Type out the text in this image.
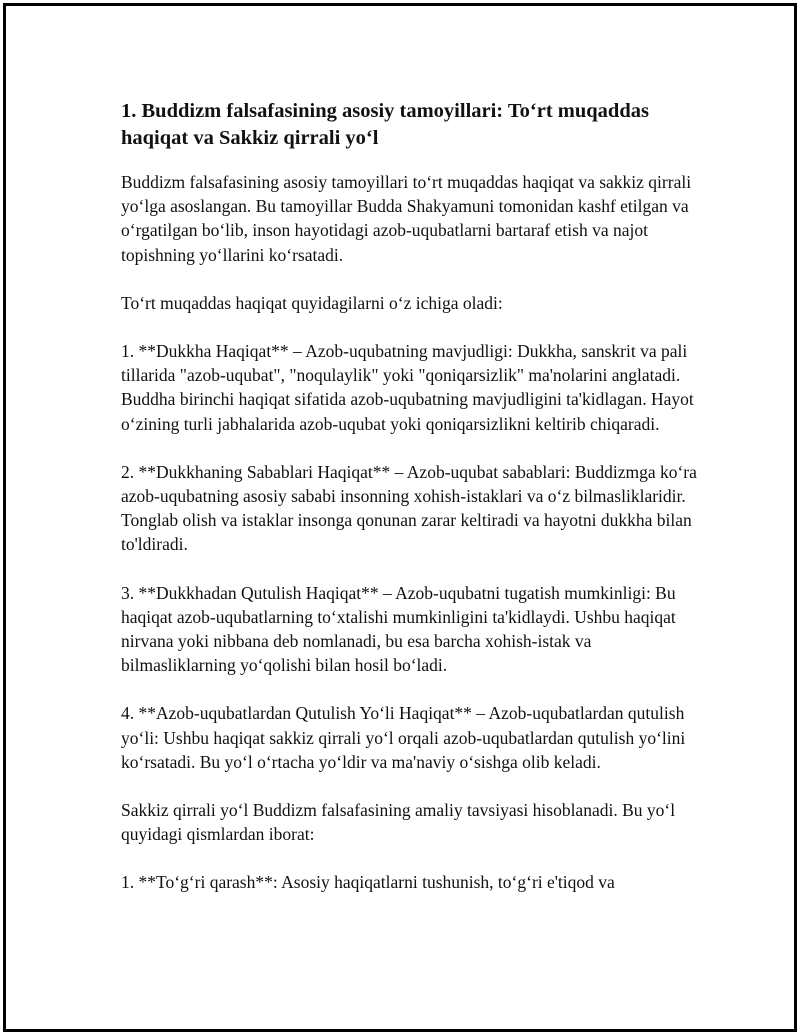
1. Buddizm falsafasining asosiy tamoyillari: To‘rt muqaddas haqiqat va Sakkiz qirrali yo‘l

Buddizm falsafasining asosiy tamoyillari to‘rt muqaddas haqiqat va sakkiz qirrali yo‘lga asoslangan. Bu tamoyillar Budda Shakyamuni tomonidan kashf etilgan va o‘rgatilgan bo‘lib, inson hayotidagi azob-uqubatlarni bartaraf etish va najot topishning yo‘llarini ko‘rsatadi.

To‘rt muqaddas haqiqat quyidagilarni o‘z ichiga oladi:

1. **Dukkha Haqiqat** – Azob-uqubatning mavjudligi: Dukkha, sanskrit va pali tillarida "azob-uqubat", "noqulaylik" yoki "qoniqarsizlik" ma'nolarini anglatadi. Buddha birinchi haqiqat sifatida azob-uqubatning mavjudligini ta'kidlagan. Hayot o‘zining turli jabhalarida azob-uqubat yoki qoniqarsizlikni keltirib chiqaradi.

2. **Dukkhaning Sabablari Haqiqat** – Azob-uqubat sabablari: Buddizmga ko‘ra azob-uqubatning asosiy sababi insonning xohish-istaklari va o‘z bilmasliklaridir. Tonglab olish va istaklar insonga qonunan zarar keltiradi va hayotni dukkha bilan to'ldiradi.

3. **Dukkhadan Qutulish Haqiqat** – Azob-uqubatni tugatish mumkinligi: Bu haqiqat azob-uqubatlarning to‘xtalishi mumkinligini ta'kidlaydi. Ushbu haqiqat nirvana yoki nibbana deb nomlanadi, bu esa barcha xohish-istak va bilmasliklarning yo‘qolishi bilan hosil bo‘ladi.

4. **Azob-uqubatlardan Qutulish Yo‘li Haqiqat** – Azob-uqubatlardan qutulish yo‘li: Ushbu haqiqat sakkiz qirrali yo‘l orqali azob-uqubatlardan qutulish yo‘lini ko‘rsatadi. Bu yo‘l o‘rtacha yo‘ldir va ma'naviy o‘sishga olib keladi.

Sakkiz qirrali yo‘l Buddizm falsafasining amaliy tavsiyasi hisoblanadi. Bu yo‘l quyidagi qismlardan iborat:

1. **To‘g‘ri qarash**: Asosiy haqiqatlarni tushunish, to‘g‘ri e'tiqod va
